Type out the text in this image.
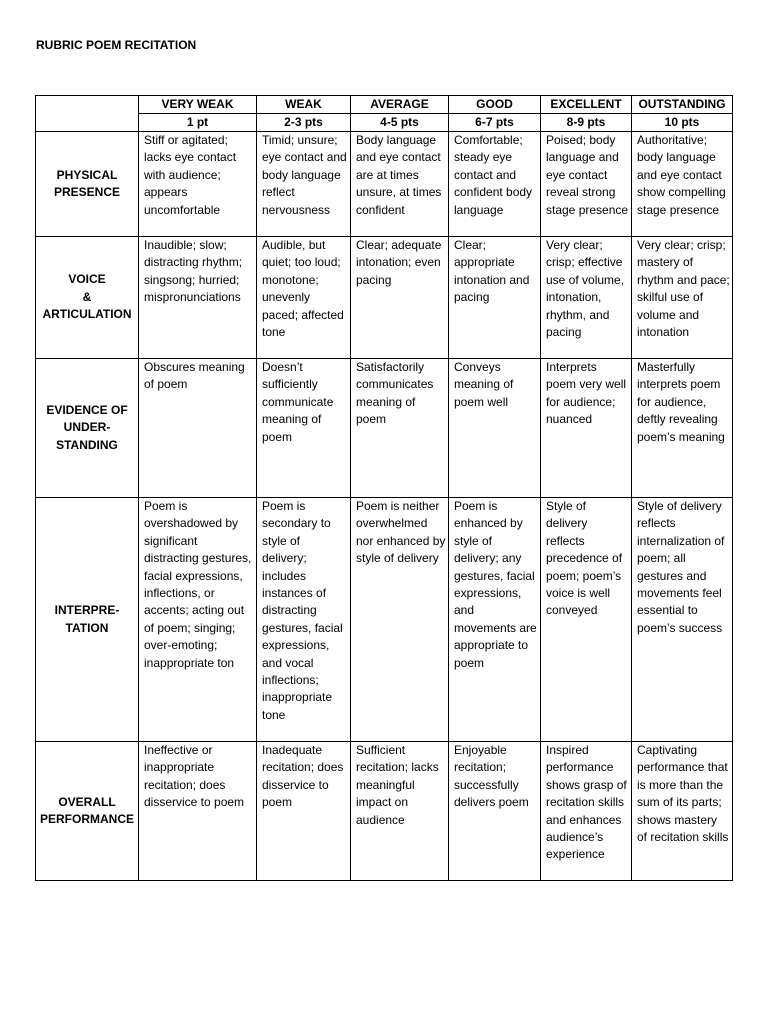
RUBRIC POEM RECITATION
	VERY WEAK	WEAK	AVERAGE	GOOD	EXCELLENT	OUTSTANDING
	1 pt	2-3 pts	4-5 pts	6-7 pts	8-9 pts	10 pts
PHYSICAL
PRESENCE	Stiff or agitated; lacks eye contact with audience; appears uncomfortable	Timid; unsure; eye contact and body language reflect nervousness	Body language and eye contact are at times unsure, at times confident	Comfortable; steady eye contact and confident body language	Poised; body language and eye contact reveal strong stage presence	Authoritative; body language and eye contact show compelling stage presence
VOICE
&
ARTICULATION	Inaudible; slow; distracting rhythm; singsong; hurried; mispronunciations	Audible, but quiet; too loud; monotone; unevenly paced; affected tone	Clear; adequate intonation; even pacing	Clear; appropriate intonation and pacing	Very clear; crisp; effective use of volume, intonation, rhythm, and pacing	Very clear; crisp; mastery of rhythm and pace; skilful use of volume and intonation
EVIDENCE OF
UNDER-
STANDING	Obscures meaning of poem	Doesn’t sufficiently communicate meaning of poem	Satisfactorily communicates meaning of poem	Conveys meaning of poem well	Interprets poem very well for audience; nuanced	Masterfully interprets poem for audience, deftly revealing poem’s meaning
INTERPRE-
TATION	Poem is overshadowed by significant distracting gestures, facial expressions, inflections, or accents; acting out of poem; singing; over-emoting; inappropriate ton	Poem is secondary to style of delivery; includes instances of distracting gestures, facial expressions, and vocal inflections; inappropriate tone	Poem is neither overwhelmed nor enhanced by style of delivery	Poem is enhanced by style of delivery; any gestures, facial expressions, and movements are appropriate to poem	Style of delivery reflects precedence of poem; poem’s voice is well conveyed	Style of delivery reflects internalization of poem; all gestures and movements feel essential to poem’s success
OVERALL
PERFORMANCE	Ineffective or inappropriate recitation; does disservice to poem	Inadequate recitation; does disservice to poem	Sufficient recitation; lacks meaningful impact on audience	Enjoyable recitation; successfully delivers poem	Inspired performance shows grasp of recitation skills and enhances audience’s experience	Captivating performance that is more than the sum of its parts; shows mastery of recitation skills
